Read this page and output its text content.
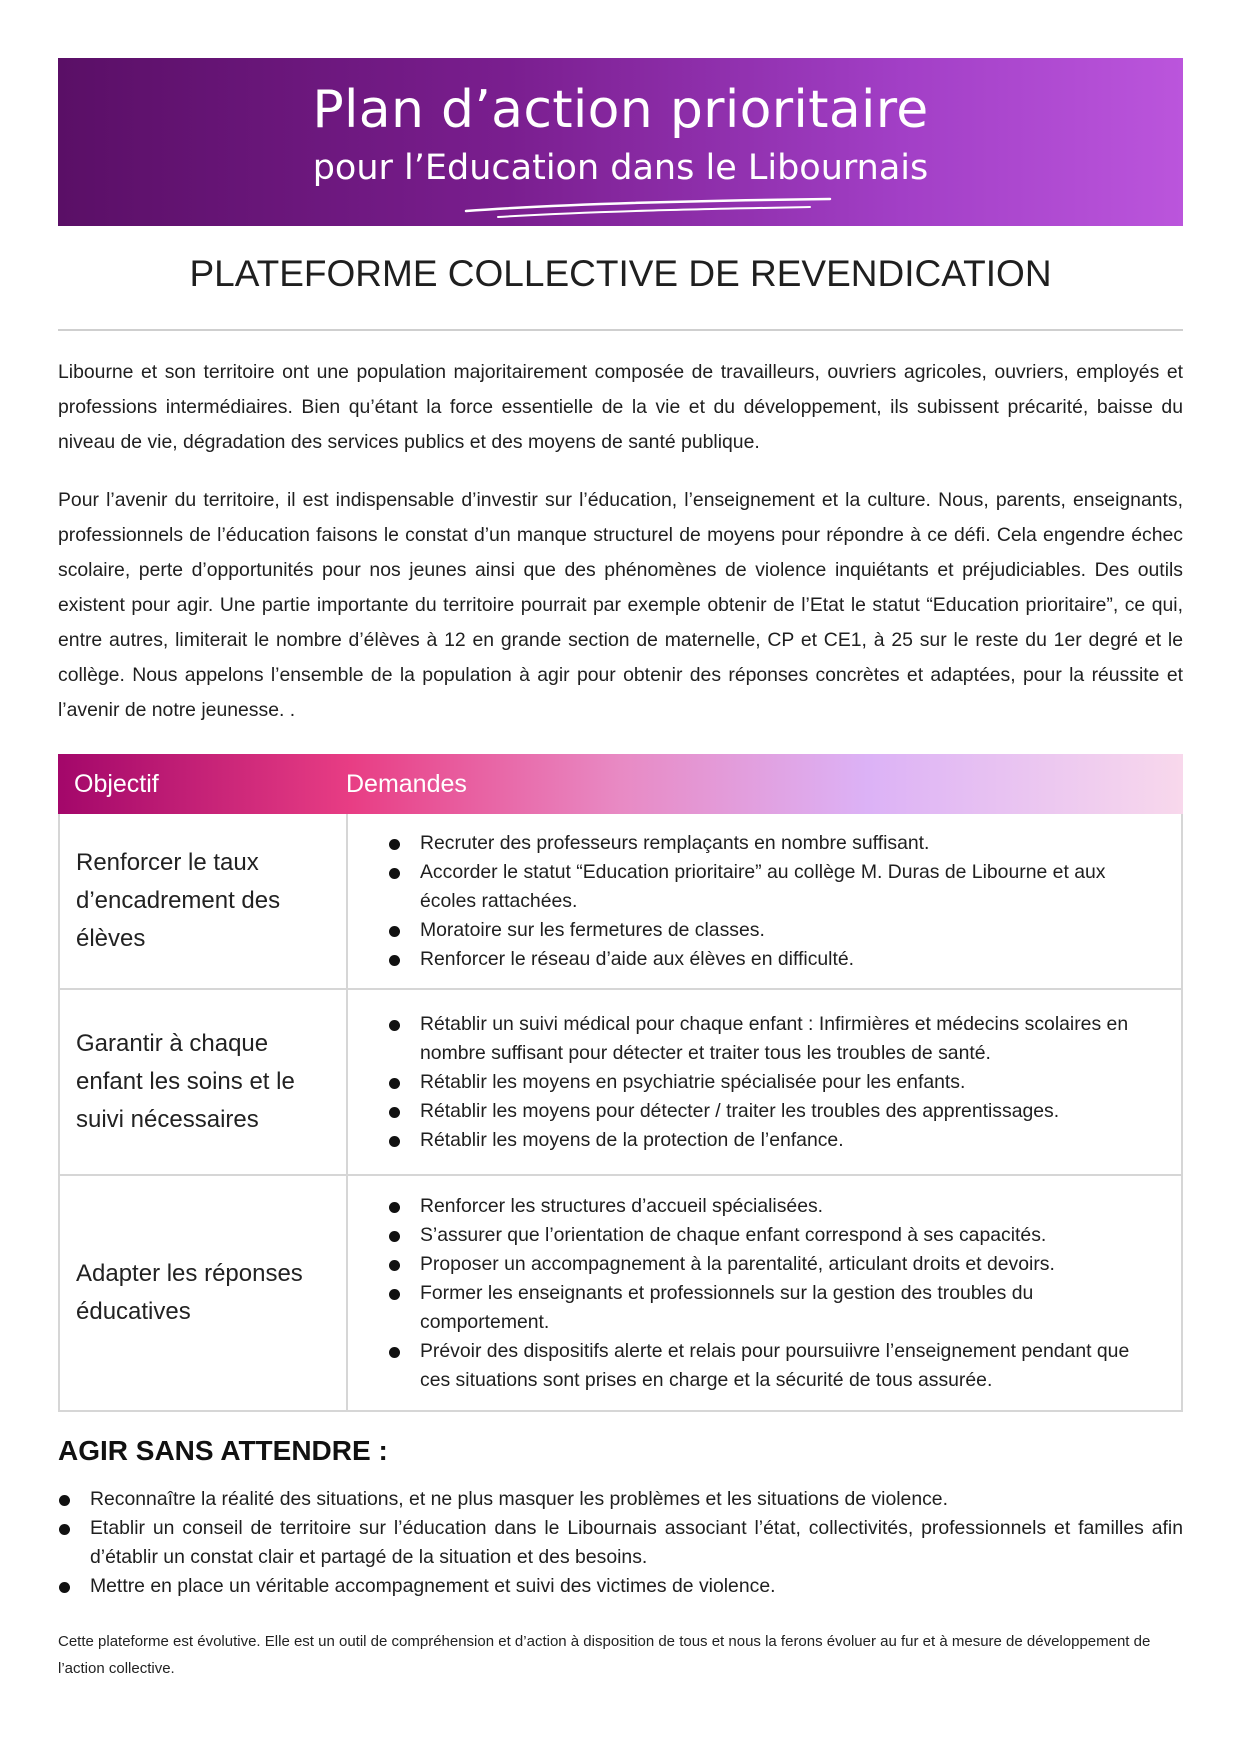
Plan d’action prioritaire
pour l’Education dans le Libournais
PLATEFORME COLLECTIVE DE REVENDICATION

Libourne et son territoire ont une population majoritairement composée de travailleurs, ouvriers agricoles, ouvriers, employés et professions intermédiaires. Bien qu’étant la force essentielle de la vie et du développement, ils subissent précarité, baisse du niveau de vie, dégradation des services publics et des moyens de santé publique.

Pour l’avenir du territoire, il est indispensable d’investir sur l’éducation, l’enseignement et la culture. Nous, parents, enseignants, professionnels de l’éducation faisons le constat d’un manque structurel de moyens pour répondre à ce défi. Cela engendre échec scolaire, perte d’opportunités pour nos jeunes ainsi que des phénomènes de violence inquiétants et préjudiciables. Des outils existent pour agir. Une partie importante du territoire pourrait par exemple obtenir de l’Etat le statut “Education prioritaire”, ce qui, entre autres, limiterait le nombre d’élèves à 12 en grande section de maternelle, CP et CE1, à 25 sur le reste du 1er degré et le collège. Nous appelons l’ensemble de la population à agir pour obtenir des réponses concrètes et adaptées, pour la réussite et l’avenir de notre jeunesse. .

Objectif	Demandes
Renforcer le taux d’encadrement des élèves
Recruter des professeurs remplaçants en nombre suffisant.
Accorder le statut “Education prioritaire” au collège M. Duras de Libourne et aux écoles rattachées.
Moratoire sur les fermetures de classes.
Renforcer le réseau d’aide aux élèves en difficulté.
Garantir à chaque enfant les soins et le suivi nécessaires
Rétablir un suivi médical pour chaque enfant : Infirmières et médecins scolaires en nombre suffisant pour détecter et traiter tous les troubles de santé.
Rétablir les moyens en psychiatrie spécialisée pour les enfants.
Rétablir les moyens pour détecter / traiter les troubles des apprentissages.
Rétablir les moyens de la protection de l’enfance.
Adapter les réponses éducatives
Renforcer les structures d’accueil spécialisées.
S’assurer que l’orientation de chaque enfant correspond à ses capacités.
Proposer un accompagnement à la parentalité, articulant droits et devoirs.
Former les enseignants et professionnels sur la gestion des troubles du comportement.
Prévoir des dispositifs alerte et relais pour poursuiivre l’enseignement pendant que ces situations sont prises en charge et la sécurité de tous assurée.
AGIR SANS ATTENDRE :
Reconnaître la réalité des situations, et ne plus masquer les problèmes et les situations de violence.
Etablir un conseil de territoire sur l’éducation dans le Libournais associant l’état, collectivités, professionnels et familles afin d’établir un constat clair et partagé de la situation et des besoins.
Mettre en place un véritable accompagnement et suivi des victimes de violence.

Cette plateforme est évolutive. Elle est un outil de compréhension et d’action à disposition de tous et nous la ferons évoluer au fur et à mesure de développement de l’action collective.
